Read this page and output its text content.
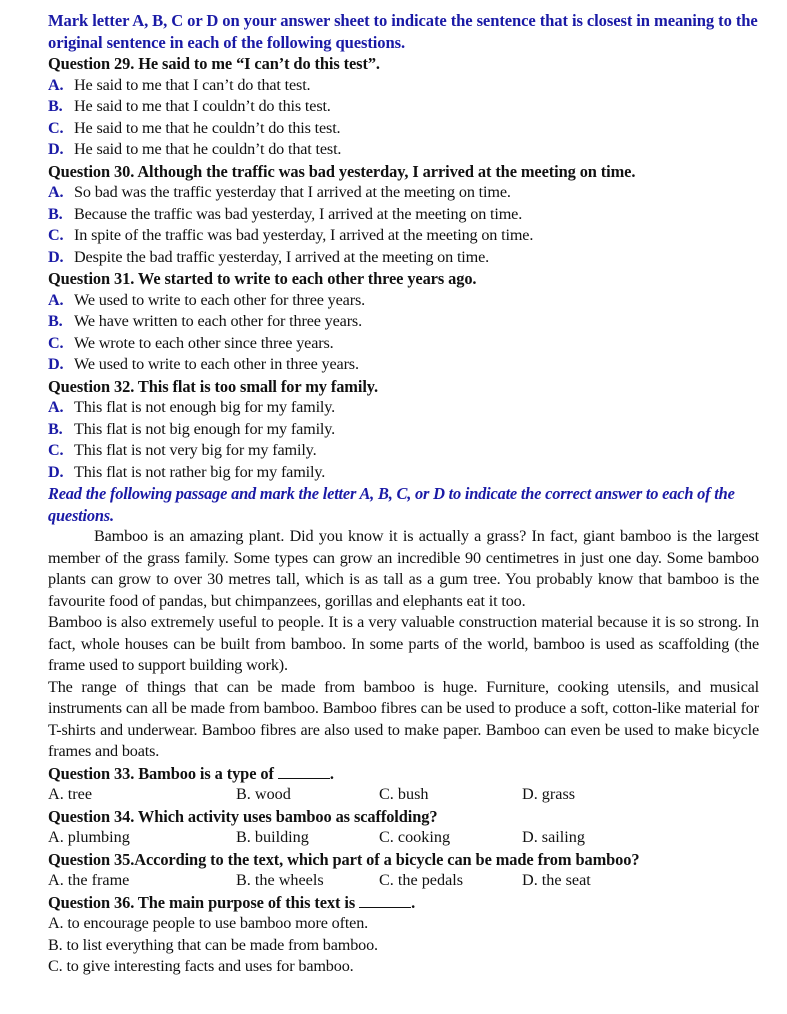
Mark letter A, B, C or D on your answer sheet to indicate the sentence that is closest in meaning to the original sentence in each of the following questions.
Question 29. He said to me “I can’t do this test”.
A. He said to me that I can’t do that test.
B. He said to me that I couldn’t do this test.
C. He said to me that he couldn’t do this test.
D. He said to me that he couldn’t do that test.
Question 30. Although the traffic was bad yesterday, I arrived at the meeting on time.
A. So bad was the traffic yesterday that I arrived at the meeting on time.
B. Because the traffic was bad yesterday, I arrived at the meeting on time.
C. In spite of the traffic was bad yesterday, I arrived at the meeting on time.
D. Despite the bad traffic yesterday, I arrived at the meeting on time.
Question 31. We started to write to each other three years ago.
A. We used to write to each other for three years.
B. We have written to each other for three years.
C. We wrote to each other since three years.
D. We used to write to each other in three years.
Question 32. This flat is too small for my family.
A. This flat is not enough big for my family.
B. This flat is not big enough for my family.
C. This flat is not very big for my family.
D. This flat is not rather big for my family.
Read the following passage and mark the letter A, B, C, or D to indicate the correct answer to each of the questions.
Bamboo is an amazing plant. Did you know it is actually a grass? In fact, giant bamboo is the largest member of the grass family. Some types can grow an incredible 90 centimetres in just one day. Some bamboo plants can grow to over 30 metres tall, which is as tall as a gum tree. You probably know that bamboo is the favourite food of pandas, but chimpanzees, gorillas and elephants eat it too.
Bamboo is also extremely useful to people. It is a very valuable construction material because it is so strong. In fact, whole houses can be built from bamboo. In some parts of the world, bamboo is used as scaffolding (the frame used to support building work).
The range of things that can be made from bamboo is huge. Furniture, cooking utensils, and musical instruments can all be made from bamboo. Bamboo fibres can be used to produce a soft, cotton-like material for T-shirts and underwear. Bamboo fibres are also used to make paper. Bamboo can even be used to make bicycle frames and boats.
Question 33. Bamboo is a type of	.
A. tree	B. wood	C. bush	D. grass
Question 34. Which activity uses bamboo as scaffolding?
A. plumbing	B. building	C. cooking	D. sailing
Question 35.According to the text, which part of a bicycle can be made from bamboo?
A. the frame	B. the wheels	C. the pedals	D. the seat
Question 36. The main purpose of this text is	.
A. to encourage people to use bamboo more often.
B. to list everything that can be made from bamboo.
C. to give interesting facts and uses for bamboo.
